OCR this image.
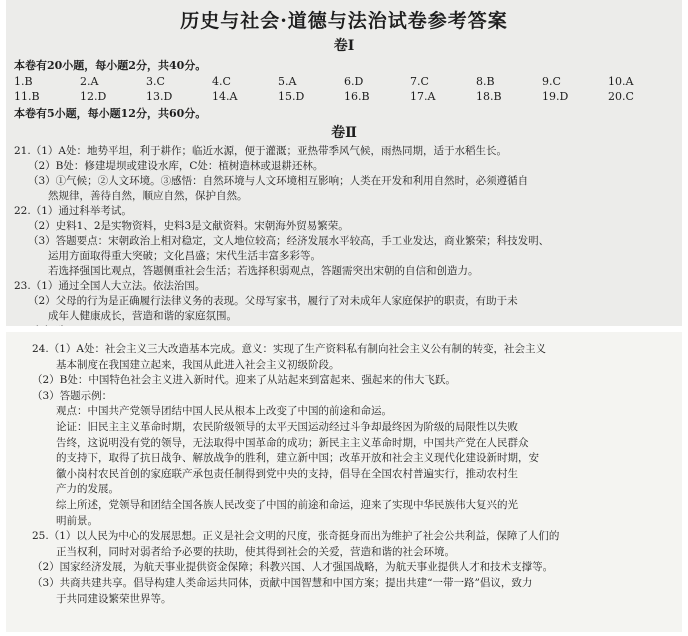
历史与社会·道德与法治试卷参考答案
卷Ⅰ
本卷有20小题，每小题2分，共40分。
1.B	2.A	3.C	4.C	5.A	6.D	7.C	8.B	9.C	10.A
11.B	12.D	13.D	14.A	15.D	16.B	17.A	18.B	19.D	20.C
本卷有5小题，每小题12分，共60分。
卷Ⅱ

21.（1）A处：地势平坦，利于耕作；临近水源，便于灌溉；亚热带季风气候，雨热同期，适于水稻生长。

（2）B处：修建堤坝或建设水库，C处：植树造林或退耕还林。

（3）①气候；②人文环境。③感悟：自然环境与人文环境相互影响；人类在开发和利用自然时，必须遵循自

然规律，善待自然，顺应自然，保护自然。

22.（1）通过科举考试。

（2）史料1、2是实物资料，史料3是文献资料。宋朝海外贸易繁荣。

（3）答题要点：宋朝政治上相对稳定，文人地位较高；经济发展水平较高，手工业发达，商业繁荣；科技发明、

运用方面取得重大突破；文化昌盛；宋代生活丰富多彩等。

若选择强国比观点，答题侧重社会生活；若选择积弱观点，答题需突出宋朝的自信和创造力。

23.（1）通过全国人大立法。依法治国。

（2）父母的行为是正确履行法律义务的表现。父母写家书，履行了对未成年人家庭保护的职责，有助于未

成年人健康成长，营造和谐的家庭氛围。

24.（1）A处：社会主义三大改造基本完成。意义：实现了生产资料私有制向社会主义公有制的转变，社会主义

基本制度在我国建立起来，我国从此进入社会主义初级阶段。

（2）B处：中国特色社会主义进入新时代。迎来了从站起来到富起来、强起来的伟大飞跃。

（3）答题示例：

观点：中国共产党领导团结中国人民从根本上改变了中国的前途和命运。

论证：旧民主主义革命时期，农民阶级领导的太平天国运动经过斗争却最终因为阶级的局限性以失败

告终，这说明没有党的领导，无法取得中国革命的成功；新民主主义革命时期，中国共产党在人民群众

的支持下，取得了抗日战争、解放战争的胜利，建立新中国；改革开放和社会主义现代化建设新时期，安

徽小岗村农民首创的家庭联产承包责任制得到党中央的支持，倡导在全国农村普遍实行，推动农村生

产力的发展。

综上所述，党领导和团结全国各族人民改变了中国的前途和命运，迎来了实现中华民族伟大复兴的光

明前景。

25.（1）以人民为中心的发展思想。正义是社会文明的尺度，张奇挺身而出为维护了社会公共利益，保障了人们的

正当权利，同时对弱者给予必要的扶助，使其得到社会的关爱，营造和谐的社会环境。

（2）国家经济发展，为航天事业提供资金保障；科教兴国、人才强国战略，为航天事业提供人才和技术支撑等。

（3）共商共建共享。倡导构建人类命运共同体，贡献中国智慧和中国方案；提出共建“一带一路”倡议，致力

于共同建设繁荣世界等。
